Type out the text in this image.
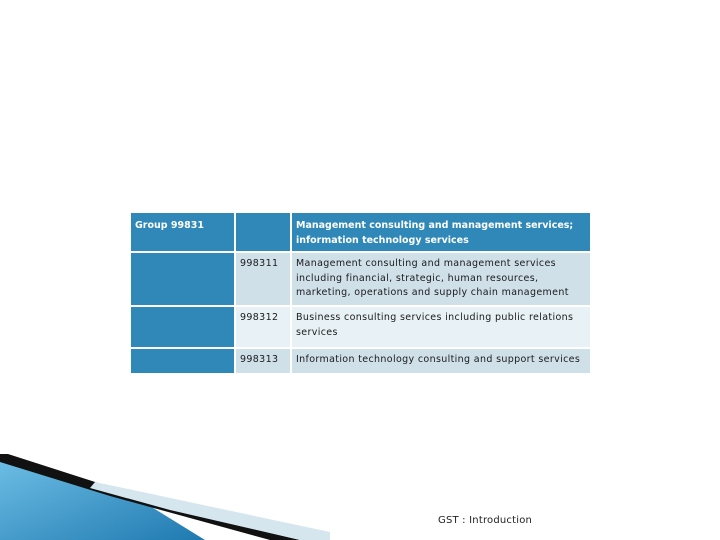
Group 99831		Management consulting and management services; information technology services
	998311	Management consulting and management services including financial, strategic, human resources, marketing, operations and supply chain management
	998312	Business consulting services including public relations services
	998313	Information technology consulting and support services
GST : Introduction
